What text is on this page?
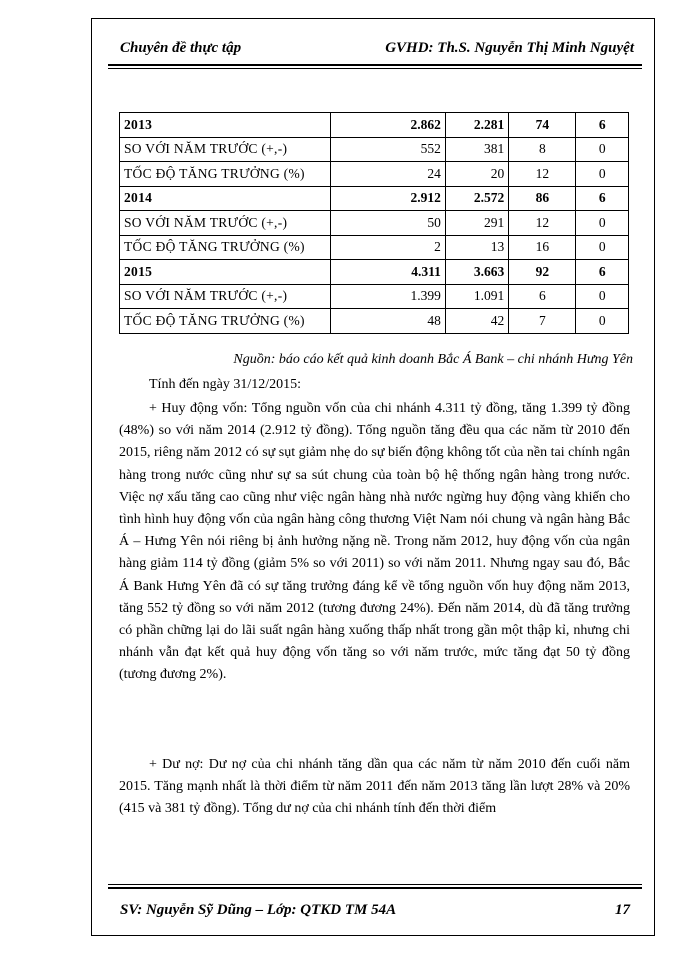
Chuyên đề thực tập	GVHD: Th.S. Nguyễn Thị Minh Nguyệt
2013	2.862	2.281	74	6
SO VỚI NĂM TRƯỚC (+,-)	552	381	8	0
TỐC ĐỘ TĂNG TRƯỞNG (%)	24	20	12	0
2014	2.912	2.572	86	6
SO VỚI NĂM TRƯỚC (+,-)	50	291	12	0
TỐC ĐỘ TĂNG TRƯỞNG (%)	2	13	16	0
2015	4.311	3.663	92	6
SO VỚI NĂM TRƯỚC (+,-)	1.399	1.091	6	0
TỐC ĐỘ TĂNG TRƯỞNG (%)	48	42	7	0
Nguồn: báo cáo kết quả kinh doanh Bắc Á Bank – chi nhánh Hưng Yên
Tính đến ngày 31/12/2015:
+ Huy động vốn: Tổng nguồn vốn của chi nhánh 4.311 tỷ đồng, tăng 1.399 tỷ đồng (48%) so với năm 2014 (2.912 tỷ đồng). Tổng nguồn tăng đều qua các năm từ 2010 đến 2015, riêng năm 2012 có sự sụt giảm nhẹ do sự biến động không tốt của nền tai chính ngân hàng trong nước cũng như sự sa sút chung của toàn bộ hệ thống ngân hàng trong nước. Việc nợ xấu tăng cao cũng như việc ngân hàng nhà nước ngừng huy động vàng khiến cho tình hình huy động vốn của ngân hàng công thương Việt Nam nói chung và ngân hàng Bắc Á – Hưng Yên nói riêng bị ảnh hưởng nặng nề. Trong năm 2012, huy động vốn của ngân hàng giảm 114 tỷ đồng (giảm 5% so với 2011) so với năm 2011. Nhưng ngay sau đó, Bắc Á Bank Hưng Yên đã có sự tăng trưởng đáng kể về tổng nguồn vốn huy động năm 2013, tăng 552 tỷ đồng so với năm 2012 (tương đương 24%). Đến năm 2014, dù đã tăng trưởng có phần chững lại do lãi suất ngân hàng xuống thấp nhất trong gần một thập kỉ, nhưng chi nhánh vẫn đạt kết quả huy động vốn tăng so với năm trước, mức tăng đạt 50 tỷ đồng (tương đương 2%).
+ Dư nợ: Dư nợ của chi nhánh tăng dần qua các năm từ năm 2010 đến cuối năm 2015. Tăng mạnh nhất là thời điểm từ năm 2011 đến năm 2013 tăng lần lượt 28% và 20% (415 và 381 tỷ đồng). Tổng dư nợ của chi nhánh tính đến thời điểm
SV: Nguyễn Sỹ Dũng – Lớp: QTKD TM 54A	17
